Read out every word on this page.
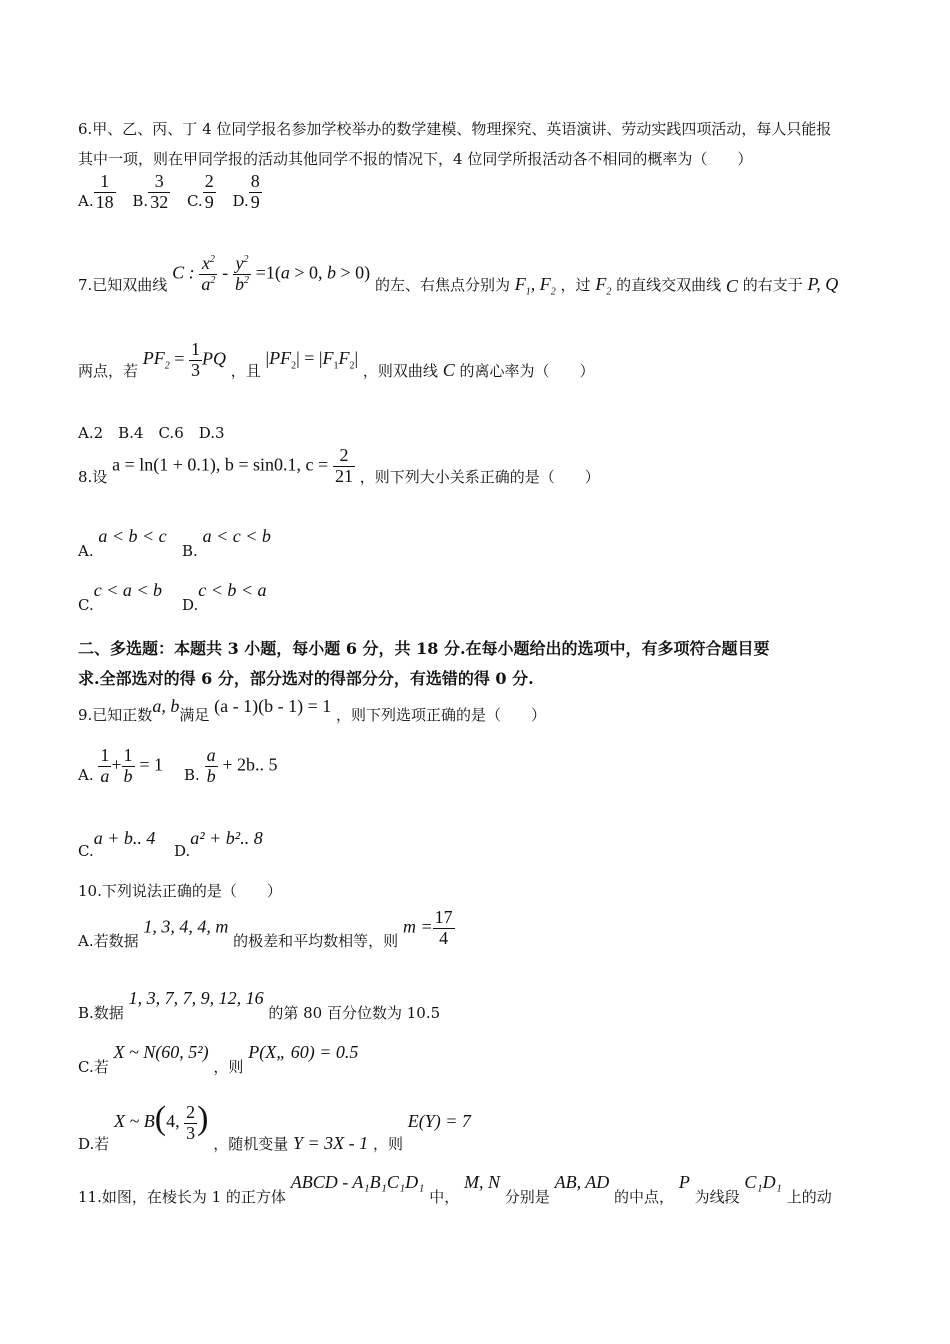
6.甲、乙、丙、丁 4 位同学报名参加学校举办的数学建模、物理探究、英语演讲、劳动实践四项活动，每人只能报
其中一项，则在甲同学报的活动其他同学不报的情况下，4 位同学所报活动各不相同的概率为（　　）
A. $\frac{1}{18} B$. $\frac{3}{32} C$. $\frac{2}{9} D$. $\frac{8}{9}$
7.已知双曲线 C : $\frac{x^2}{a^2} - \frac{y^2}{b^2} =1(a > 0$, b > 0) 的左、右焦点分别为 $F_1$, $F_2$ ，过 $F_2$ 的直线交双曲线 C 的右支于 P, Q
两点，若 $PF_2 = \frac{1}{3}$ PQ ，且 $|PF_2| = |F_1F_2|$ ，则双曲线 C 的离心率为（　　）
A.2　B.4　C.6　D.3
8.设 a = ln(1 + 0.1), b = sin0.1, $c = \frac{2}{21}$ ，则下列大小关系正确的是（　　）
A. a < b < c
B. a < c < b
C.c < a < b
D.c < b < a
二、多选题：本题共 3 小题，每小题 6 分，共 18 分.在每小题给出的选项中，有多项符合题目要
求.全部选对的得 6 分，部分选对的得部分分，有选错的得 0 分.
9.已知正数a, b满足 (a - 1)(b - 1) = 1 ，则下列选项正确的是（　　）
A. $\frac{1}{a} + \frac{1}{b} = 1$
B. $\frac{a}{b} + 2b$.. 5
C.a + b.. 4
D.a² + b².. 8
10.下列说法正确的是（　　）
A.若数据 1, 3, 4, 4, m 的极差和平均数相等，则 $m = \frac{17}{4}$
B.数据 1, 3, 7, 7, 9, 12, 16 的第 80 百分位数为 10.5
C.若 X ~ N(60, 5²) ，则 P(X„ 60) = 0.5
D.若 X ~ B(4, $\frac{2}{3}$ ) ，随机变量 Y = 3X - 1 ，则 E(Y) = 7
11.如图，在棱长为 1 的正方体 ABCD - A₁B₁C₁D₁ 中， M, N 分别是 AB, AD 的中点， P 为线段 C₁D₁ 上的动
